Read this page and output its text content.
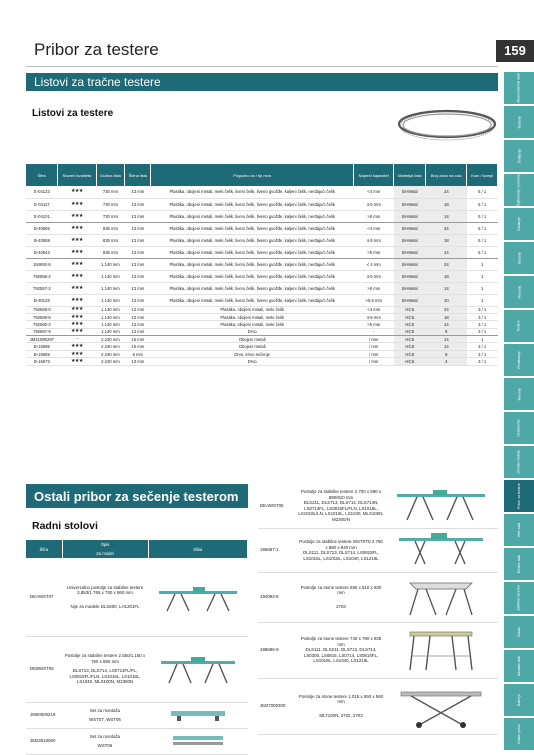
Pribor za testere	159
Akumulatorski alati
Bušenje
Šrafljenje
Šlajfovanje i poliranje
Glodanje
Sečenje
Rezanje
Testere
Rendisanje
Merenje
Usisavanje
Obrada metala
Pribor za testere
Vrtni alati
Elektro alati
Zaštitna oprema
Ostalo
Nasadni alati
Baterije
Ostalo pribor
Listovi za tračne testere
Listovi za testere
Šifra	Razred kvaliteta	Dužina lista	Širina lista	Pogodno za / tip reza	Najveći kapacitet	Materijal lista	Broj zuba na colu	Kom / kompl
E-04123	★★★	730 mm	13 mm	Plastika, obojeni metali, meki čelik, liveni čelik, liveno gvožđe, kaljeni čelik, nerđajući čelik	<4 mm	Bi-Metal	24	5 / 1
E-04117	★★★	730 mm	13 mm	Plastika, obojeni metali, meki čelik, liveni čelik, liveno gvožđe, kaljeni čelik, nerđajući čelik	4-5 mm	Bi-Metal	18	5 / 1
E-04101	★★★	730 mm	13 mm	Plastika, obojeni metali, meki čelik, liveni čelik, liveno gvožđe, kaljeni čelik, nerđajući čelik	>5 mm	Bi-Metal	14	5 / 1
B-40565	★★★	835 mm	13 mm	Plastika, obojeni metali, meki čelik, liveni čelik, liveno gvožđe, kaljeni čelik, nerđajući čelik	<4 mm	Bi-Metal	24	5 / 1
B-40559	★★★	835 mm	13 mm	Plastika, obojeni metali, meki čelik, liveni čelik, liveno gvožđe, kaljeni čelik, nerđajući čelik	4-5 mm	Bi-Metal	18	5 / 1
B-40543	★★★	835 mm	13 mm	Plastika, obojeni metali, meki čelik, liveni čelik, liveno gvožđe, kaljeni čelik, nerđajući čelik	>5 mm	Bi-Metal	14	5 / 1
194692-8	★★★	1.140 mm	13 mm	Plastika, obojeni metali, meki čelik, liveni čelik, liveno gvožđe, kaljeni čelik, nerđajući čelik	< 4 mm	Bi-Metal	24	1
792556-4	★★★	1.140 mm	13 mm	Plastika, obojeni metali, meki čelik, liveni čelik, liveno gvožđe, kaljeni čelik, nerđajući čelik	4-5 mm	Bi-Metal	18	1
792557-2	★★★	1.140 mm	13 mm	Plastika, obojeni metali, meki čelik, liveni čelik, liveno gvožđe, kaljeni čelik, nerđajući čelik	>5 mm	Bi-Metal	14	1
B-30128	★★★	1.140 mm	13 mm	Plastika, obojeni metali, meki čelik, liveni čelik, liveno gvožđe, kaljeni čelik, nerđajući čelik	>5,5 mm	Bi-Metal	10	1
792558-0	★★★	1.140 mm	13 mm	Plastika, obojeni metali, meki čelik	<4 mm	HCS	24	3 / 1
792559-8	★★★	1.140 mm	13 mm	Plastika, obojeni metali, meki čelik	4-5 mm	HCS	18	3 / 1
792560-3	★★★	1.140 mm	13 mm	Plastika, obojeni metali, meki čelik	>5 mm	HCS	14	3 / 1
792567-9	★★★	1.140 mm	13 mm	Drvo	-	HCS	6	3 / 1
JM21080297	-	2.240 mm	16 mm	Obojeni metali	/ mm	HCS	14	1
B-16695	★★★	2.240 mm	16 mm	Obojeni metali	/ mm	HCS	14	3 / 1
B-16689	★★★	2.240 mm	6 mm	Drvo, krivo sečenje	/ mm	HCS	6	3 / 1
B-16673	★★★	2.240 mm	13 mm	Drvo	/ mm	HCS	4	3 / 1
Ostali pribor za sečenje testerom
Radni stolovi
Šifra	Opis	Slika
	Za model	
DEAWST07	Univerzalno postolje za stabilne testere 3.853/1.765 x 750 x 860 mm
Nije za modele DLS600, LH1201FL

DEBWST06	Postolje za stabilne testere 2.550/1.150 x 750 x 850 mm
DLS713, DLS714, LS0714FL/FL, LS0815FL/FLN, LS1016L, LS1018L, LS1040, MLS100N, M2300N

JM00000219	Set za montažu
WST07, WST06

JM23610060	Set za montažu
WST06

DEAWST05	Postolje za stabilne testere 2.700 x 590 x 890/910 mm
DLS211, DLS713, DLS714, DLS714N, LS0714FL, LS0815FL/FLN, LS1016L, LS1018L/LN, LS1019L, LS1040, MLS100N, M2300/N

196687-1	Postolje za stabilne testere WST07N 2.750 x 880 x 840 mm
DLS111, DLS713, DLS714, LS0815FL, LS1016L, LS1018L, LS1040, LS1219L

194093-8	Postolje za stone testere 655 x 510 x 830 mm
2704

198686-9	Postolje za stone testere 740 x 790 x 835 mm
DLS111, DLS211, DLS713, DLS714, LS0300, LS0815, LS0714, LS0815FL, LS1019L, LS1040, LS1219L

JM27000300	Postolje za stone testere 1.015 x 590 x 560 mm
MLT100N, 2702, 2703
